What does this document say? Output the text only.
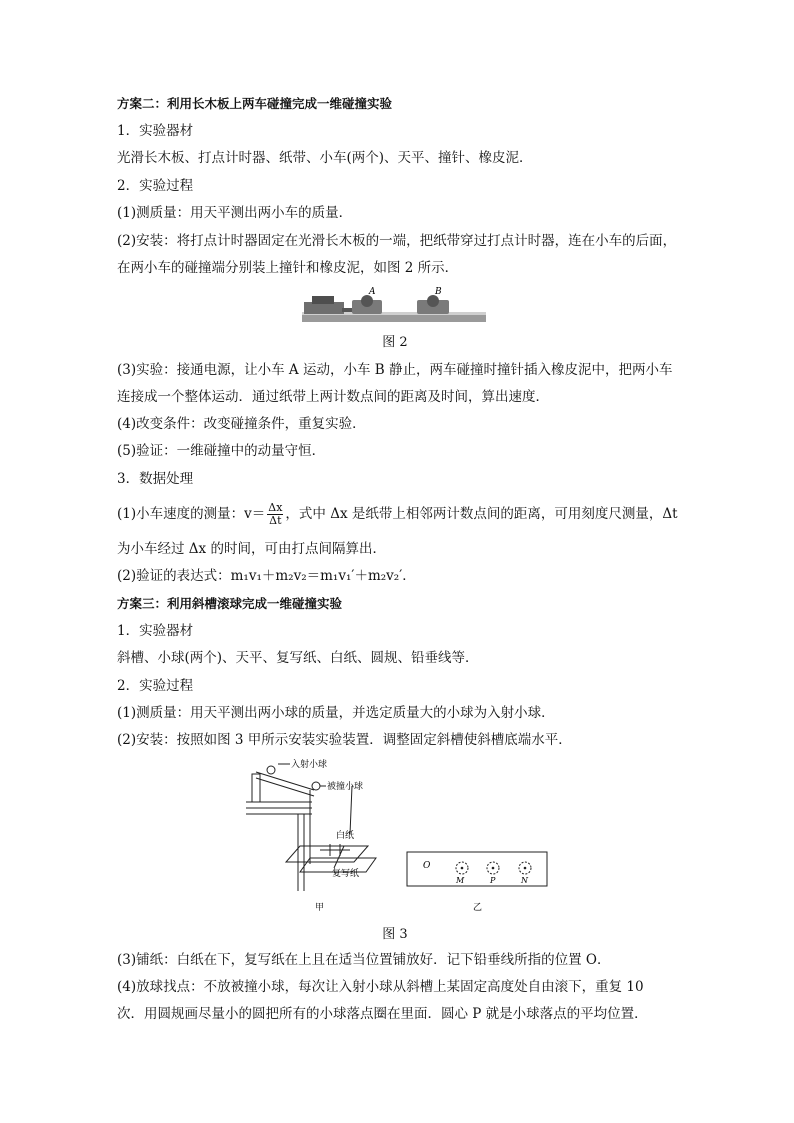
方案二：利用长木板上两车碰撞完成一维碰撞实验
1．实验器材
光滑长木板、打点计时器、纸带、小车(两个)、天平、撞针、橡皮泥．
2．实验过程
(1)测质量：用天平测出两小车的质量．
(2)安装：将打点计时器固定在光滑长木板的一端，把纸带穿过打点计时器，连在小车的后面，
在两小车的碰撞端分别装上撞针和橡皮泥，如图 2 所示．
A	B
图 2
(3)实验：接通电源，让小车 A 运动，小车 B 静止，两车碰撞时撞针插入橡皮泥中，把两小车
连接成一个整体运动．通过纸带上两计数点间的距离及时间，算出速度．
(4)改变条件：改变碰撞条件，重复实验．
(5)验证：一维碰撞中的动量守恒．
3．数据处理
(1)小车速度的测量：$v= \frac{\Delta x}{\Delta t}$ ，式中 Δx 是纸带上相邻两计数点间的距离，可用刻度尺测量，Δt
为小车经过 Δx 的时间，可由打点间隔算出．
(2)验证的表达式：m₁v₁＋m₂v₂＝m₁v₁′＋m₂v₂′．
方案三：利用斜槽滚球完成一维碰撞实验
1．实验器材
斜槽、小球(两个)、天平、复写纸、白纸、圆规、铅垂线等．
2．实验过程
(1)测质量：用天平测出两小球的质量，并选定质量大的小球为入射小球．
(2)安装：按照如图 3 甲所示安装实验装置．调整固定斜槽使斜槽底端水平．
入射小球
被撞小球
白纸
复写纸
O
M	P	N
甲	乙
图 3
(3)铺纸：白纸在下，复写纸在上且在适当位置铺放好．记下铅垂线所指的位置 O．
(4)放球找点：不放被撞小球，每次让入射小球从斜槽上某固定高度处自由滚下，重复 10
次．用圆规画尽量小的圆把所有的小球落点圈在里面．圆心 P 就是小球落点的平均位置．
